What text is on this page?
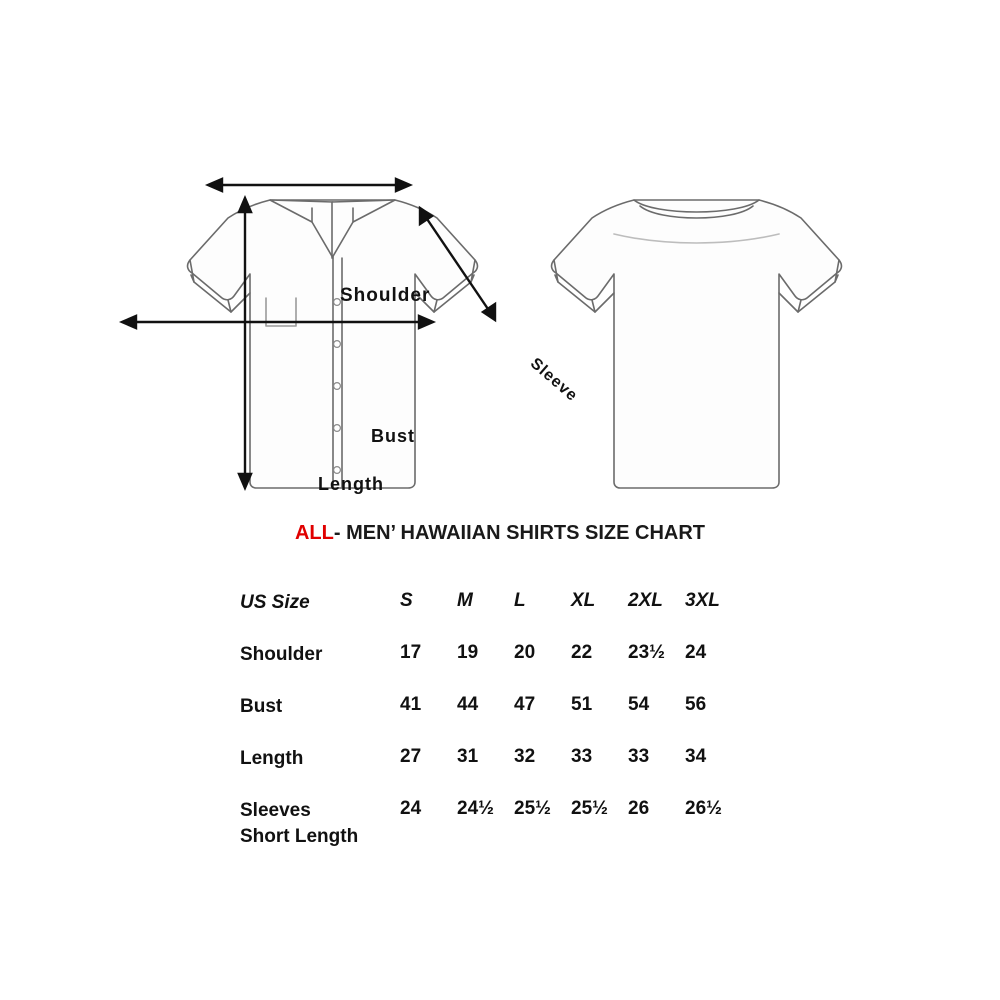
Shoulder
Sleeve
Bust
Length
ALL- MEN’ HAWAIIAN SHIRTS SIZE CHART
US Size	S	M	L	XL	2XL	3XL
Shoulder	17	19	20	22	23½	24
Bust	41	44	47	51	54	56
Length	27	31	32	33	33	34

Sleeves
Short Length	24	24½	25½	25½	26	26½
